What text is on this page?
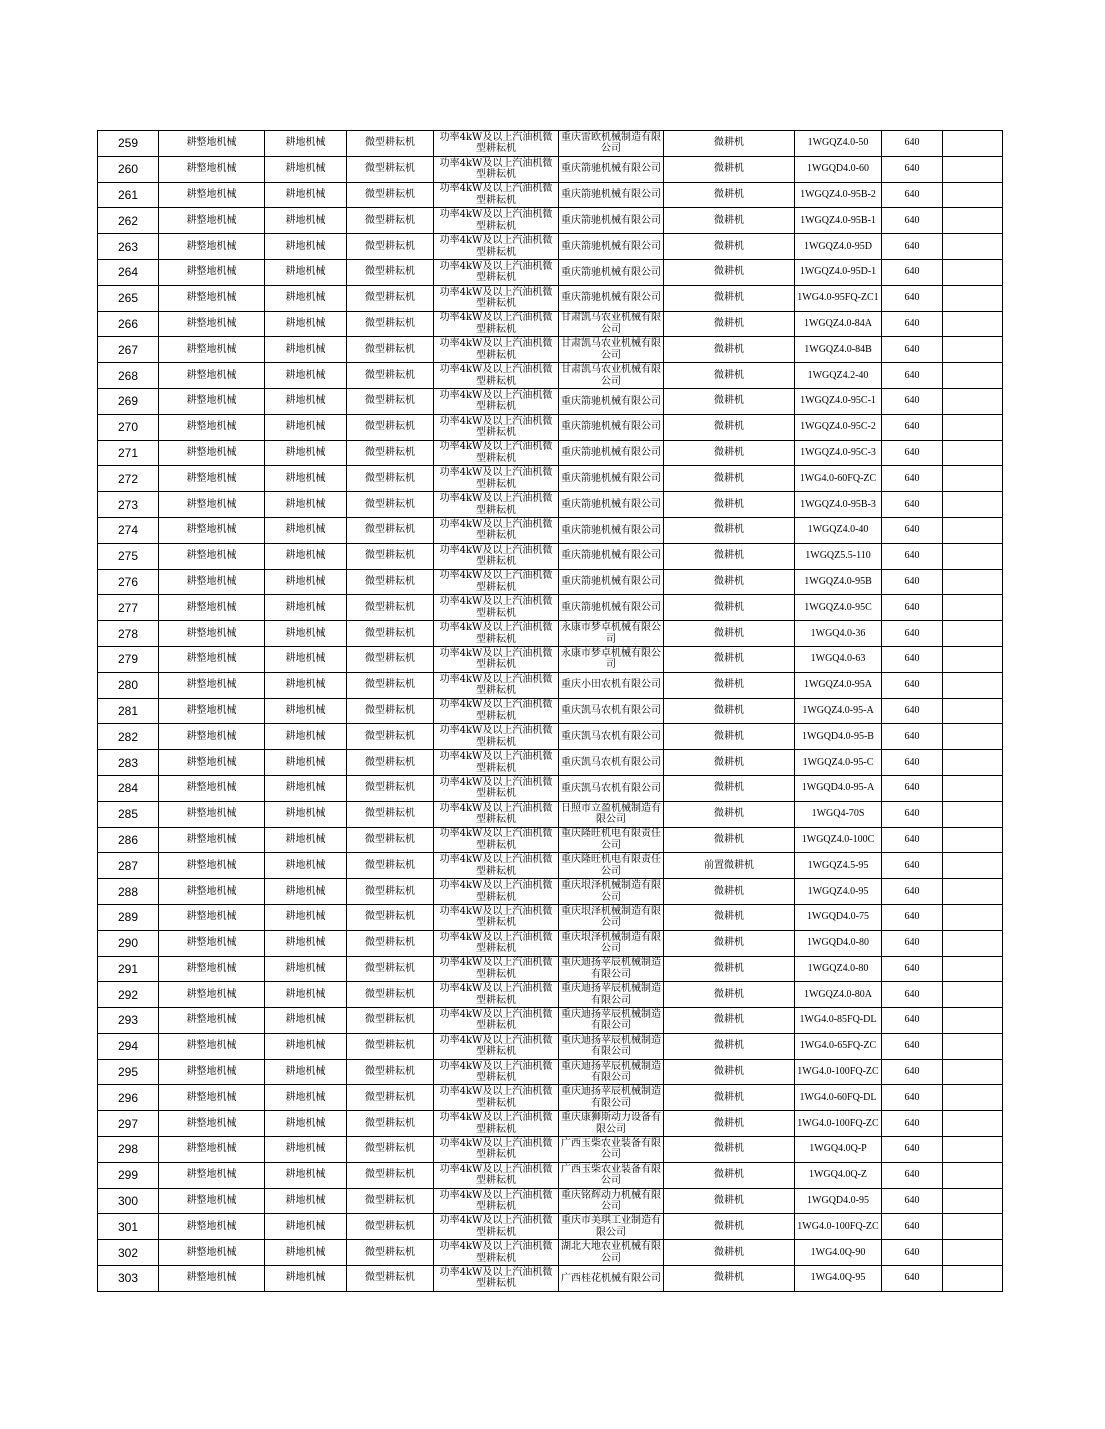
259	耕整地机械	耕地机械	微型耕耘机	功率4kW及以上汽油机微型耕耘机	重庆雷欧机械制造有限公司	微耕机	1WGQZ4.0-50	640	
260	耕整地机械	耕地机械	微型耕耘机	功率4kW及以上汽油机微型耕耘机	重庆箭驰机械有限公司	微耕机	1WGQD4.0-60	640	
261	耕整地机械	耕地机械	微型耕耘机	功率4kW及以上汽油机微型耕耘机	重庆箭驰机械有限公司	微耕机	1WGQZ4.0-95B-2	640	
262	耕整地机械	耕地机械	微型耕耘机	功率4kW及以上汽油机微型耕耘机	重庆箭驰机械有限公司	微耕机	1WGQZ4.0-95B-1	640	
263	耕整地机械	耕地机械	微型耕耘机	功率4kW及以上汽油机微型耕耘机	重庆箭驰机械有限公司	微耕机	1WGQZ4.0-95D	640	
264	耕整地机械	耕地机械	微型耕耘机	功率4kW及以上汽油机微型耕耘机	重庆箭驰机械有限公司	微耕机	1WGQZ4.0-95D-1	640	
265	耕整地机械	耕地机械	微型耕耘机	功率4kW及以上汽油机微型耕耘机	重庆箭驰机械有限公司	微耕机	1WG4.0-95FQ-ZC1	640	
266	耕整地机械	耕地机械	微型耕耘机	功率4kW及以上汽油机微型耕耘机	甘肃凯马农业机械有限公司	微耕机	1WGQZ4.0-84A	640	
267	耕整地机械	耕地机械	微型耕耘机	功率4kW及以上汽油机微型耕耘机	甘肃凯马农业机械有限公司	微耕机	1WGQZ4.0-84B	640	
268	耕整地机械	耕地机械	微型耕耘机	功率4kW及以上汽油机微型耕耘机	甘肃凯马农业机械有限公司	微耕机	1WGQZ4.2-40	640	
269	耕整地机械	耕地机械	微型耕耘机	功率4kW及以上汽油机微型耕耘机	重庆箭驰机械有限公司	微耕机	1WGQZ4.0-95C-1	640	
270	耕整地机械	耕地机械	微型耕耘机	功率4kW及以上汽油机微型耕耘机	重庆箭驰机械有限公司	微耕机	1WGQZ4.0-95C-2	640	
271	耕整地机械	耕地机械	微型耕耘机	功率4kW及以上汽油机微型耕耘机	重庆箭驰机械有限公司	微耕机	1WGQZ4.0-95C-3	640	
272	耕整地机械	耕地机械	微型耕耘机	功率4kW及以上汽油机微型耕耘机	重庆箭驰机械有限公司	微耕机	1WG4.0-60FQ-ZC	640	
273	耕整地机械	耕地机械	微型耕耘机	功率4kW及以上汽油机微型耕耘机	重庆箭驰机械有限公司	微耕机	1WGQZ4.0-95B-3	640	
274	耕整地机械	耕地机械	微型耕耘机	功率4kW及以上汽油机微型耕耘机	重庆箭驰机械有限公司	微耕机	1WGQZ4.0-40	640	
275	耕整地机械	耕地机械	微型耕耘机	功率4kW及以上汽油机微型耕耘机	重庆箭驰机械有限公司	微耕机	1WGQZ5.5-110	640	
276	耕整地机械	耕地机械	微型耕耘机	功率4kW及以上汽油机微型耕耘机	重庆箭驰机械有限公司	微耕机	1WGQZ4.0-95B	640	
277	耕整地机械	耕地机械	微型耕耘机	功率4kW及以上汽油机微型耕耘机	重庆箭驰机械有限公司	微耕机	1WGQZ4.0-95C	640	
278	耕整地机械	耕地机械	微型耕耘机	功率4kW及以上汽油机微型耕耘机	永康市梦卓机械有限公司	微耕机	1WGQ4.0-36	640	
279	耕整地机械	耕地机械	微型耕耘机	功率4kW及以上汽油机微型耕耘机	永康市梦卓机械有限公司	微耕机	1WGQ4.0-63	640	
280	耕整地机械	耕地机械	微型耕耘机	功率4kW及以上汽油机微型耕耘机	重庆小田农机有限公司	微耕机	1WGQZ4.0-95A	640	
281	耕整地机械	耕地机械	微型耕耘机	功率4kW及以上汽油机微型耕耘机	重庆凯马农机有限公司	微耕机	1WGQZ4.0-95-A	640	
282	耕整地机械	耕地机械	微型耕耘机	功率4kW及以上汽油机微型耕耘机	重庆凯马农机有限公司	微耕机	1WGQD4.0-95-B	640	
283	耕整地机械	耕地机械	微型耕耘机	功率4kW及以上汽油机微型耕耘机	重庆凯马农机有限公司	微耕机	1WGQZ4.0-95-C	640	
284	耕整地机械	耕地机械	微型耕耘机	功率4kW及以上汽油机微型耕耘机	重庆凯马农机有限公司	微耕机	1WGQD4.0-95-A	640	
285	耕整地机械	耕地机械	微型耕耘机	功率4kW及以上汽油机微型耕耘机	日照市立盈机械制造有限公司	微耕机	1WGQ4-70S	640	
286	耕整地机械	耕地机械	微型耕耘机	功率4kW及以上汽油机微型耕耘机	重庆隆旺机电有限责任公司	微耕机	1WGQZ4.0-100C	640	
287	耕整地机械	耕地机械	微型耕耘机	功率4kW及以上汽油机微型耕耘机	重庆隆旺机电有限责任公司	前置微耕机	1WGQZ4.5-95	640	
288	耕整地机械	耕地机械	微型耕耘机	功率4kW及以上汽油机微型耕耘机	重庆垠泽机械制造有限公司	微耕机	1WGQZ4.0-95	640	
289	耕整地机械	耕地机械	微型耕耘机	功率4kW及以上汽油机微型耕耘机	重庆垠泽机械制造有限公司	微耕机	1WGQD4.0-75	640	
290	耕整地机械	耕地机械	微型耕耘机	功率4kW及以上汽油机微型耕耘机	重庆垠泽机械制造有限公司	微耕机	1WGQD4.0-80	640	
291	耕整地机械	耕地机械	微型耕耘机	功率4kW及以上汽油机微型耕耘机	重庆迪扬苹辰机械制造有限公司	微耕机	1WGQZ4.0-80	640	
292	耕整地机械	耕地机械	微型耕耘机	功率4kW及以上汽油机微型耕耘机	重庆迪扬苹辰机械制造有限公司	微耕机	1WGQZ4.0-80A	640	
293	耕整地机械	耕地机械	微型耕耘机	功率4kW及以上汽油机微型耕耘机	重庆迪扬苹辰机械制造有限公司	微耕机	1WG4.0-85FQ-DL	640	
294	耕整地机械	耕地机械	微型耕耘机	功率4kW及以上汽油机微型耕耘机	重庆迪扬苹辰机械制造有限公司	微耕机	1WG4.0-65FQ-ZC	640	
295	耕整地机械	耕地机械	微型耕耘机	功率4kW及以上汽油机微型耕耘机	重庆迪扬苹辰机械制造有限公司	微耕机	1WG4.0-100FQ-ZC	640	
296	耕整地机械	耕地机械	微型耕耘机	功率4kW及以上汽油机微型耕耘机	重庆迪扬苹辰机械制造有限公司	微耕机	1WG4.0-60FQ-DL	640	
297	耕整地机械	耕地机械	微型耕耘机	功率4kW及以上汽油机微型耕耘机	重庆康狮斯动力设备有限公司	微耕机	1WG4.0-100FQ-ZC	640	
298	耕整地机械	耕地机械	微型耕耘机	功率4kW及以上汽油机微型耕耘机	广西玉柴农业装备有限公司	微耕机	1WGQ4.0Q-P	640	
299	耕整地机械	耕地机械	微型耕耘机	功率4kW及以上汽油机微型耕耘机	广西玉柴农业装备有限公司	微耕机	1WGQ4.0Q-Z	640	
300	耕整地机械	耕地机械	微型耕耘机	功率4kW及以上汽油机微型耕耘机	重庆铭辉动力机械有限公司	微耕机	1WGQD4.0-95	640	
301	耕整地机械	耕地机械	微型耕耘机	功率4kW及以上汽油机微型耕耘机	重庆市美琪工业制造有限公司	微耕机	1WG4.0-100FQ-ZC	640	
302	耕整地机械	耕地机械	微型耕耘机	功率4kW及以上汽油机微型耕耘机	湖北大地农业机械有限公司	微耕机	1WG4.0Q-90	640	
303	耕整地机械	耕地机械	微型耕耘机	功率4kW及以上汽油机微型耕耘机	广西桂花机械有限公司	微耕机	1WG4.0Q-95	640	
